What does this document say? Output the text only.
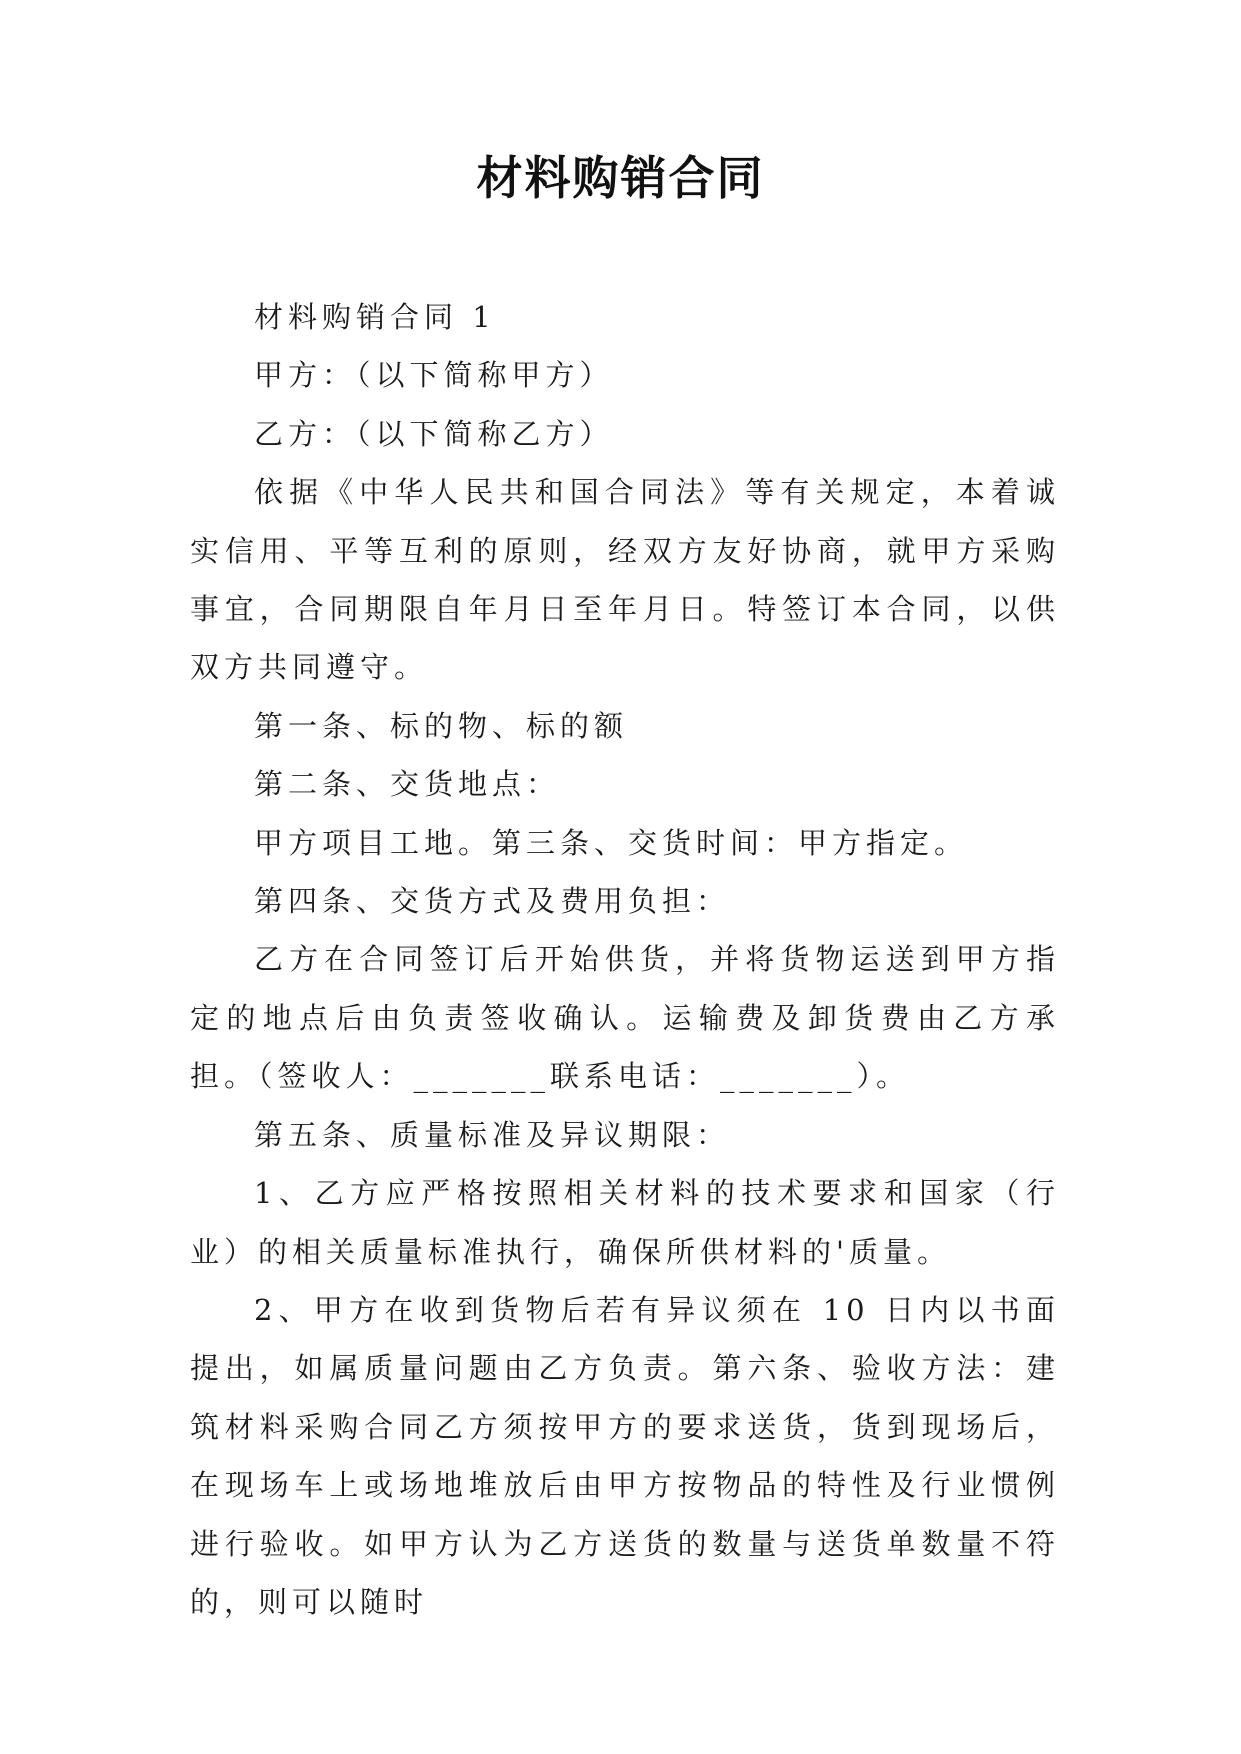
材料购销合同

材料购销合同 1

甲方：（以下简称甲方）

乙方：（以下简称乙方）

依据《中华人民共和国合同法》等有关规定，本着诚实信用、平等互利的原则，经双方友好协商，就甲方采购事宜，合同期限自年月日至年月日。特签订本合同，以供双方共同遵守。

第一条、标的物、标的额

第二条、交货地点：

甲方项目工地。第三条、交货时间：甲方指定。

第四条、交货方式及费用负担：

乙方在合同签订后开始供货，并将货物运送到甲方指定的地点后由负责签收确认。运输费及卸货费由乙方承担。（签收人：_______联系电话：_______）。

第五条、质量标准及异议期限：

1、乙方应严格按照相关材料的技术要求和国家（行业）的相关质量标准执行，确保所供材料的'质量。

2、甲方在收到货物后若有异议须在 10 日内以书面提出，如属质量问题由乙方负责。第六条、验收方法：建筑材料采购合同乙方须按甲方的要求送货，货到现场后，在现场车上或场地堆放后由甲方按物品的特性及行业惯例进行验收。如甲方认为乙方送货的数量与送货单数量不符的，则可以随时
